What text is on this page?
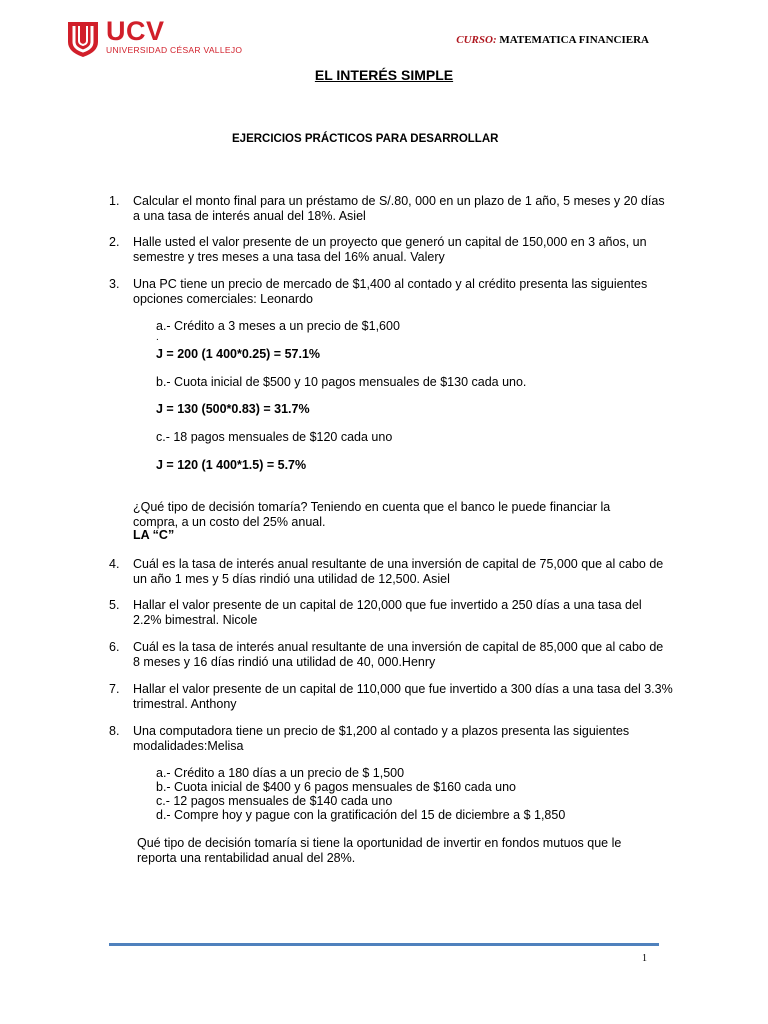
UCV
UNIVERSIDAD CÉSAR VALLEJO
CURSO: MATEMATICA FINANCIERA
EL INTERÉS SIMPLE
EJERCICIOS PRÁCTICOS PARA DESARROLLAR
1. Calcular el monto final para un préstamo de S/.80, 000 en un plazo de 1 año, 5 meses y 20 días a una tasa de interés anual del 18%. Asiel
2. Halle usted el valor presente de un proyecto que generó un capital de 150,000 en 3 años, un semestre y tres meses a una tasa del 16% anual. Valery
3. Una PC tiene un precio de mercado de $1,400 al contado y al crédito presenta las siguientes opciones comerciales: Leonardo
a.- Crédito a 3 meses a un precio de $1,600
.
J = 200 (1 400*0.25) = 57.1%
b.- Cuota inicial de $500 y 10 pagos mensuales de $130 cada uno.
J = 130 (500*0.83) = 31.7%
c.- 18 pagos mensuales de $120 cada uno
J = 120 (1 400*1.5) = 5.7%
¿Qué tipo de decisión tomaría? Teniendo en cuenta que el banco le puede financiar la
compra, a un costo del 25% anual.
LA “C”
4. Cuál es la tasa de interés anual resultante de una inversión de capital de 75,000 que al cabo de un año 1 mes y 5 días rindió una utilidad de 12,500. Asiel
5. Hallar el valor presente de un capital de 120,000 que fue invertido a 250 días a una tasa del 2.2% bimestral. Nicole
6. Cuál es la tasa de interés anual resultante de una inversión de capital de 85,000 que al cabo de 8 meses y 16 días rindió una utilidad de 40, 000.Henry
7. Hallar el valor presente de un capital de 110,000 que fue invertido a 300 días a una tasa del 3.3% trimestral. Anthony
8. Una computadora tiene un precio de $1,200 al contado y a plazos presenta las siguientes modalidades:Melisa
a.- Crédito a 180 días a un precio de $ 1,500
b.- Cuota inicial de $400 y 6 pagos mensuales de $160 cada uno
c.- 12 pagos mensuales de $140 cada uno
d.- Compre hoy y pague con la gratificación del 15 de diciembre a $ 1,850
Qué tipo de decisión tomaría si tiene la oportunidad de invertir en fondos mutuos que le
reporta una rentabilidad anual del 28%.
1
